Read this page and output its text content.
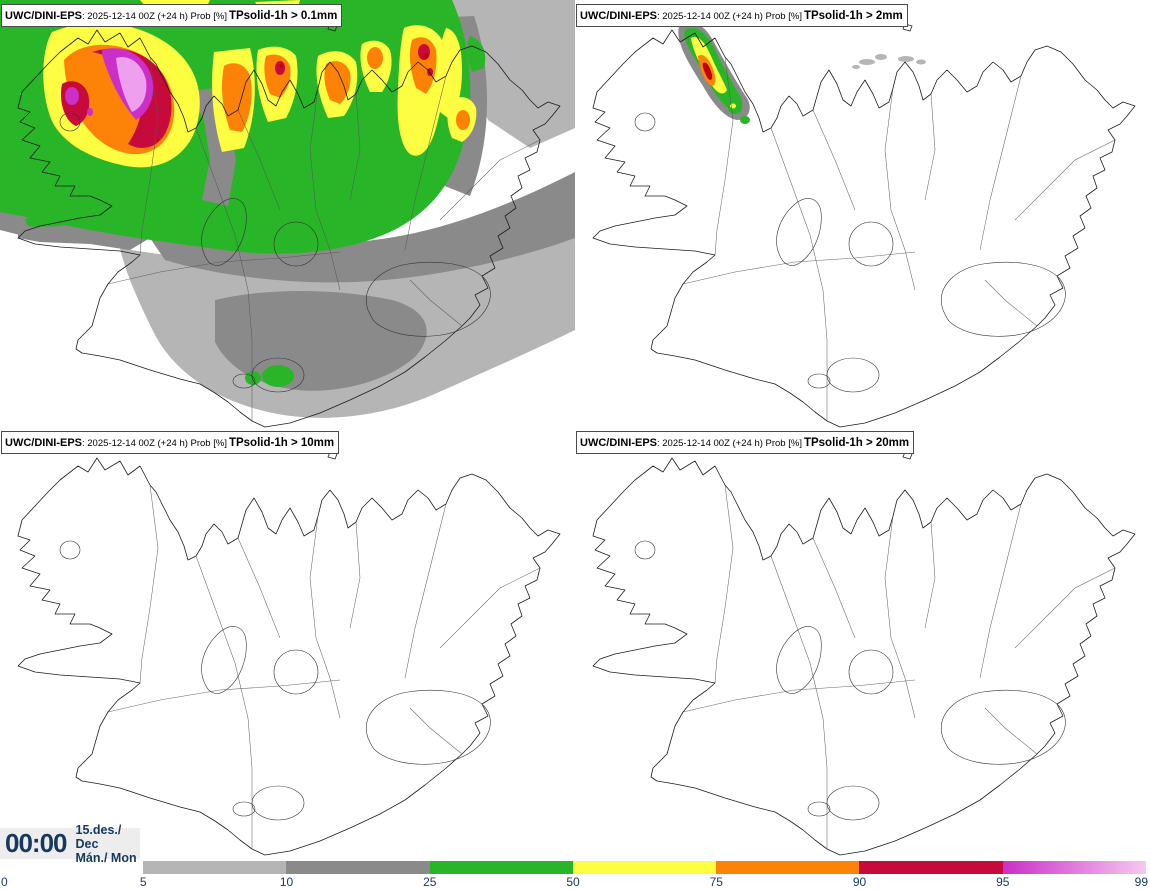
UWC/DINI-EPS: 2025-12-14 00Z (+24 h) Prob [%] TPsolid-1h > 0.1mm	UWC/DINI-EPS: 2025-12-14 00Z (+24 h) Prob [%] TPsolid-1h > 2mm
UWC/DINI-EPS: 2025-12-14 00Z (+24 h) Prob [%] TPsolid-1h > 10mm	UWC/DINI-EPS: 2025-12-14 00Z (+24 h) Prob [%] TPsolid-1h > 20mm
00:00 15.des./ Dec
Mán./ Mon
0	5	10	25	50	75	90	95	99
